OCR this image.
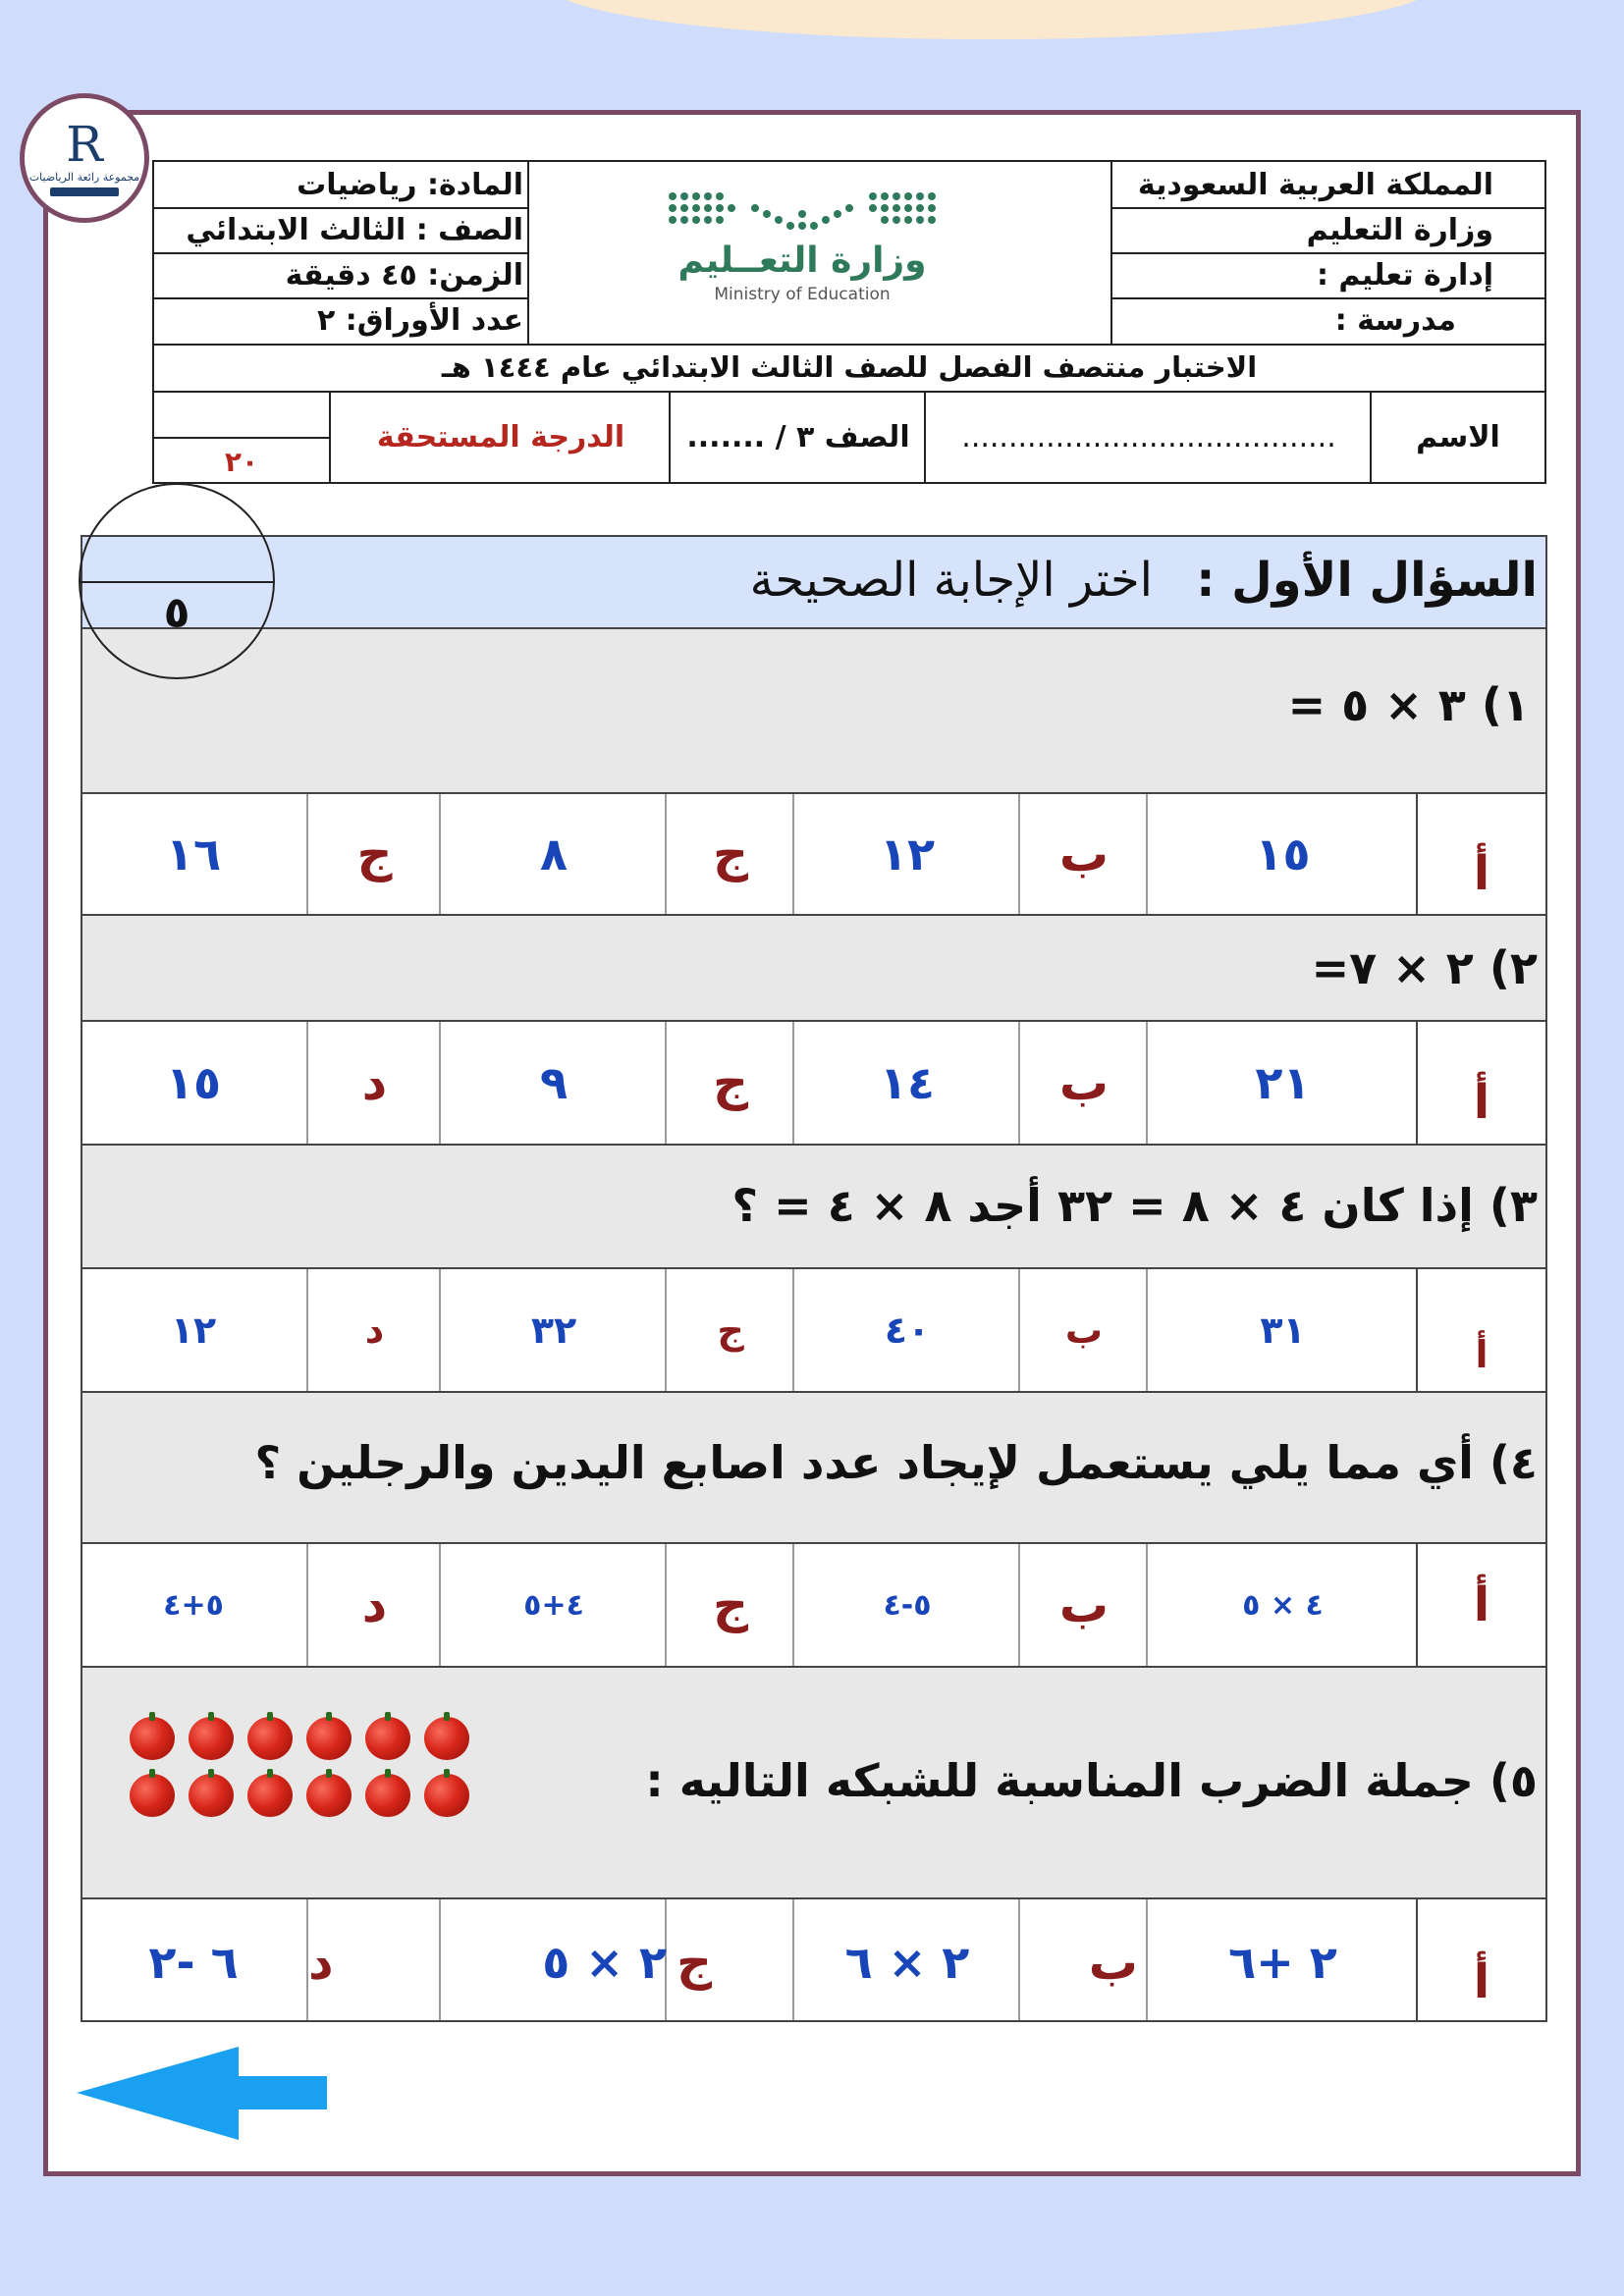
R
مجموعة رائعة الرياضيات	المملكة العربية السعودية
وزارة التعليم
إدارة تعليم :
مدرسة :
المادة: رياضيات
الصف : الثالث الابتدائي
الزمن: ٤٥ دقيقة
عدد الأوراق: ٢
وزارة التعــليم
Ministry of Education
الاختبار منتصف الفصل للصف الثالث الابتدائي عام ١٤٤٤ هـ
الاسم
........................................
الصف ٣ / .......
الدرجة المستحقة
٢٠
السؤال الأول :
اختر الإجابة الصحيحة
١) ٣ × ٥ =
أ
١٥
ب
١٢
ج
٨
ج
١٦
٢) ٢ × ٧=
أ
٢١
ب
١٤
ج
٩
د
١٥
٣) إذا كان ٤ × ٨ = ٣٢ أجد ٨ × ٤ = ؟
أ
٣١
ب
٤٠
ج
٣٢
د
١٢
٤) أي مما يلي يستعمل لإيجاد عدد اصابع اليدين والرجلين ؟
أ
٤ × ٥
ب
٥-٤
ج
٤+٥
د
٥+٤
٥) جملة الضرب المناسبة للشبكه التاليه :
أ
٢ +٦
ب
٢ × ٦
ج
٢ × ٥
د
٦ -٢
٥
